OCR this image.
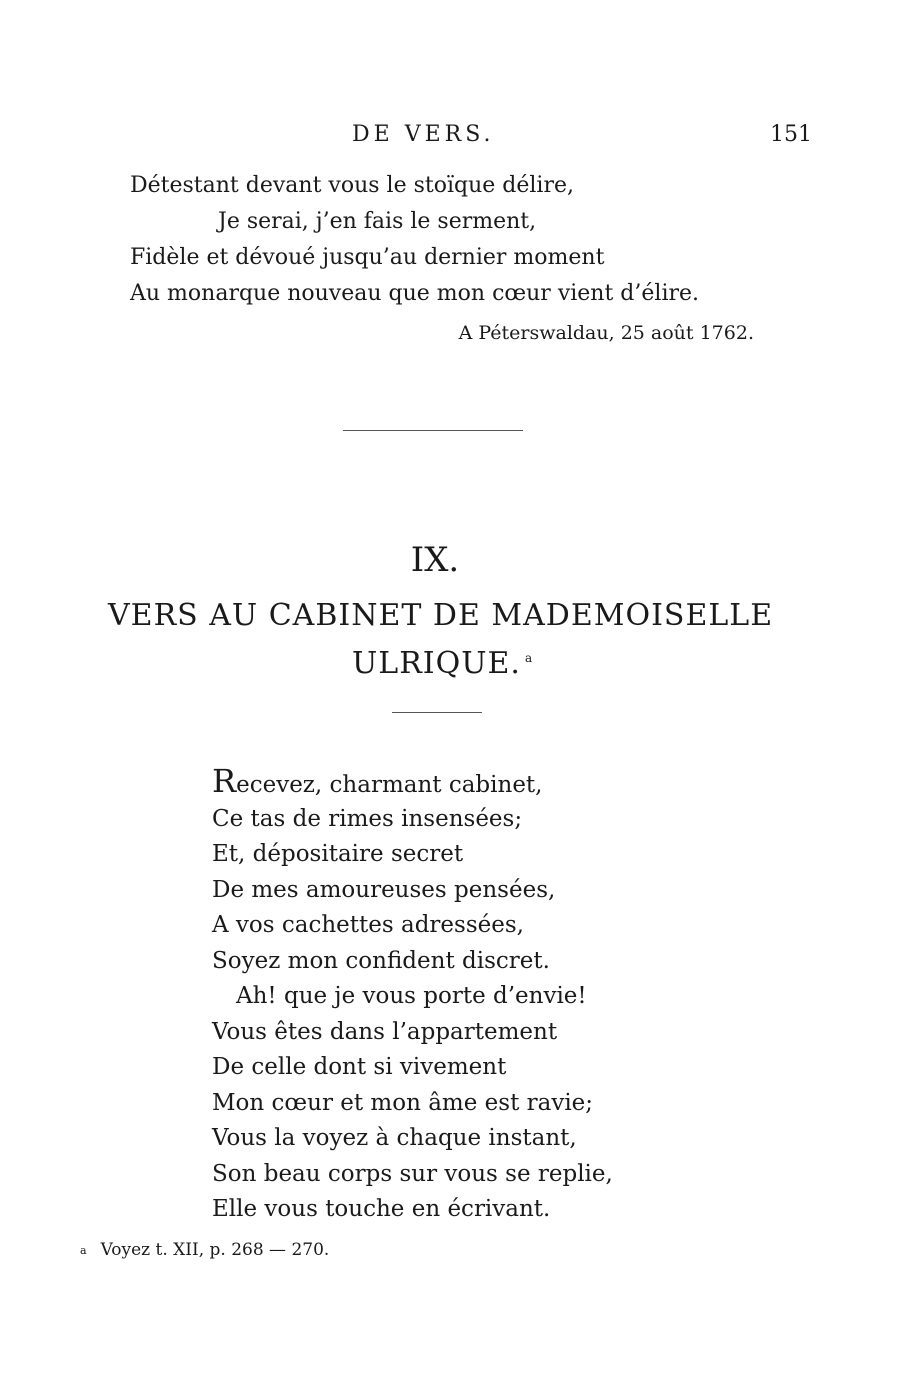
DE VERS.	151
Détestant devant vous le stoïque délire,
Je serai, j’en fais le serment,
Fidèle et dévoué jusqu’au dernier moment
Au monarque nouveau que mon cœur vient d’élire.
A Péterswaldau, 25 août 1762.
IX.
VERS AU CABINET DE MADEMOISELLE
ULRIQUE. $^a$
Recevez, charmant cabinet,
Ce tas de rimes insensées;
Et, dépositaire secret
De mes amoureuses pensées,
A vos cachettes adressées,
Soyez mon confident discret.
Ah! que je vous porte d’envie!
Vous êtes dans l’appartement
De celle dont si vivement
Mon cœur et mon âme est ravie;
Vous la voyez à chaque instant,
Son beau corps sur vous se replie,
Elle vous touche en écrivant.
a Voyez t. XII, p. 268 — 270.
